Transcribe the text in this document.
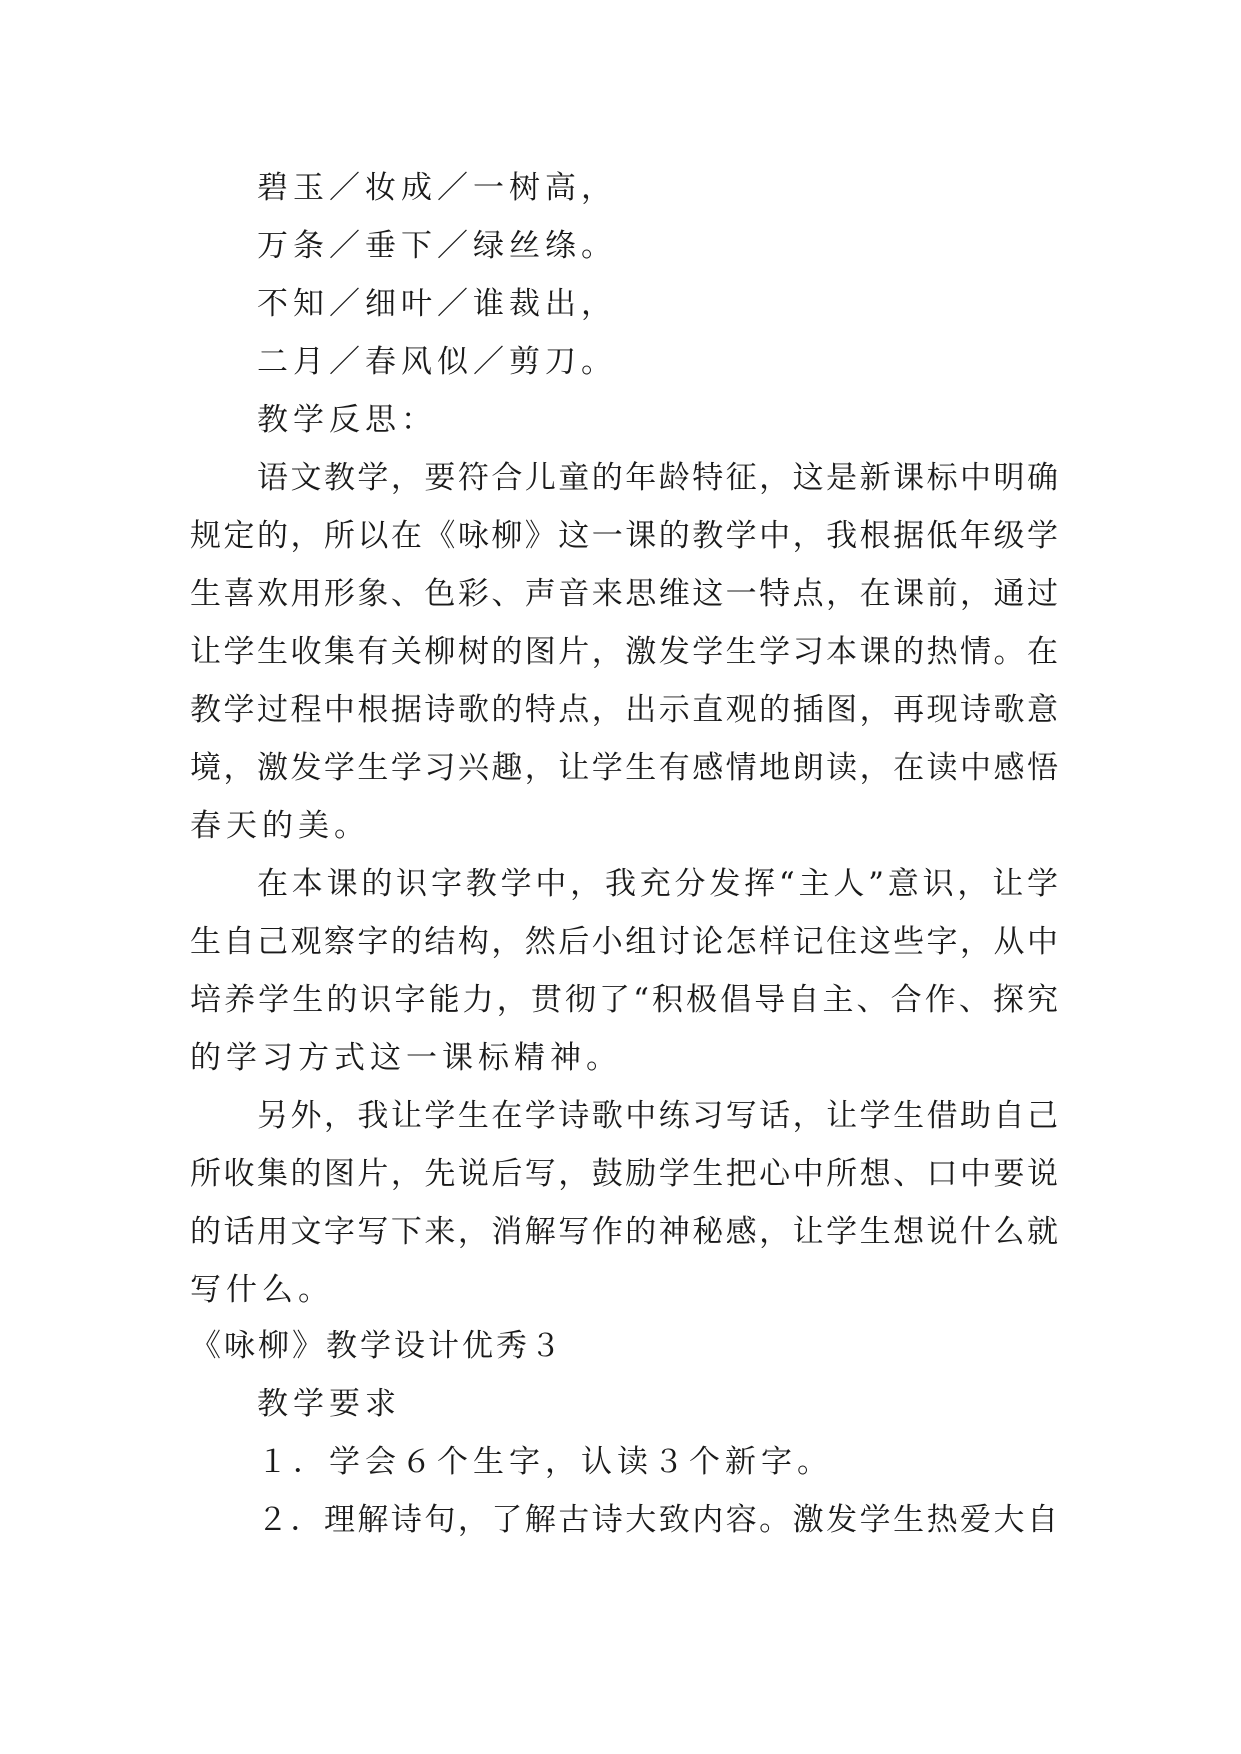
碧玉／妆成／一树高，
万条／垂下／绿丝绦。
不知／细叶／谁裁出，
二月／春风似／剪刀。
教学反思：
语文教学，要符合儿童的年龄特征，这是新课标中明确
规定的，所以在《咏柳》这一课的教学中，我根据低年级学
生喜欢用形象、色彩、声音来思维这一特点，在课前，通过
让学生收集有关柳树的图片，激发学生学习本课的热情。在
教学过程中根据诗歌的特点，出示直观的插图，再现诗歌意
境，激发学生学习兴趣，让学生有感情地朗读，在读中感悟
春天的美。
在本课的识字教学中，我充分发挥“主人”意识，让学
生自己观察字的结构，然后小组讨论怎样记住这些字，从中
培养学生的识字能力，贯彻了“积极倡导自主、合作、探究
的学习方式这一课标精神。
另外，我让学生在学诗歌中练习写话，让学生借助自己
所收集的图片，先说后写，鼓励学生把心中所想、口中要说
的话用文字写下来，消解写作的神秘感，让学生想说什么就
写什么。
《咏柳》教学设计优秀３
教学要求
１．学会６个生字，认读３个新字。
２．理解诗句，了解古诗大致内容。激发学生热爱大自
